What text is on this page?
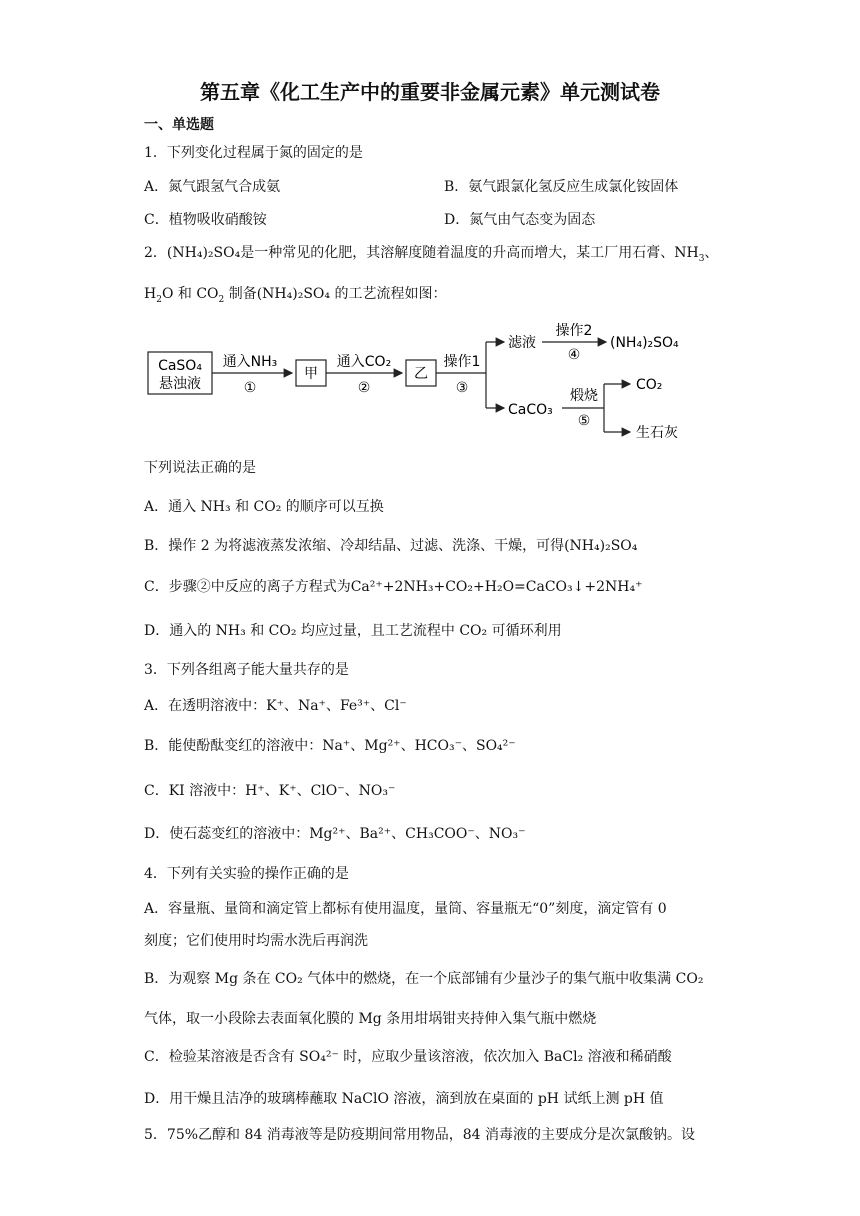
第五章《化工生产中的重要非金属元素》单元测试卷
一、单选题
1．下列变化过程属于氮的固定的是
A．氮气跟氢气合成氨	B．氨气跟氯化氢反应生成氯化铵固体
C．植物吸收硝酸铵	D．氮气由气态变为固态
2．(NH₄)₂SO₄是一种常见的化肥，其溶解度随着温度的升高而增大，某工厂用石膏、$NH_3$、
$H_2O$ 和 $CO_2$ 制备(NH₄)₂SO₄ 的工艺流程如图：
CaSO₄
悬浊液
通入NH₃
①
甲
通入CO₂
②
乙
操作1
③
滤液
操作2
④
(NH₄)₂SO₄
CaCO₃
煅烧
⑤
CO₂
生石灰
下列说法正确的是
A．通入 NH₃ 和 CO₂ 的顺序可以互换
B．操作 2 为将滤液蒸发浓缩、冷却结晶、过滤、洗涤、干燥，可得(NH₄)₂SO₄
C．步骤②中反应的离子方程式为Ca²⁺+2NH₃+CO₂+H₂O=CaCO₃↓+2NH₄⁺
D．通入的 NH₃ 和 CO₂ 均应过量，且工艺流程中 CO₂ 可循环利用
3．下列各组离子能大量共存的是
A．在透明溶液中：K⁺、Na⁺、Fe³⁺、Cl⁻
B．能使酚酞变红的溶液中：Na⁺、Mg²⁺、HCO₃⁻、SO₄²⁻
C．KI 溶液中：H⁺、K⁺、ClO⁻、NO₃⁻
D．使石蕊变红的溶液中：Mg²⁺、Ba²⁺、CH₃COO⁻、NO₃⁻
4．下列有关实验的操作正确的是
A．容量瓶、量筒和滴定管上都标有使用温度，量筒、容量瓶无“0”刻度，滴定管有 0
刻度；它们使用时均需水洗后再润洗
B．为观察 Mg 条在 CO₂ 气体中的燃烧，在一个底部铺有少量沙子的集气瓶中收集满 CO₂
气体，取一小段除去表面氧化膜的 Mg 条用坩埚钳夹持伸入集气瓶中燃烧
C．检验某溶液是否含有 SO₄²⁻ 时，应取少量该溶液，依次加入 BaCl₂ 溶液和稀硝酸
D．用干燥且洁净的玻璃棒蘸取 NaClO 溶液，滴到放在桌面的 pH 试纸上测 pH 值
5．75%乙醇和 84 消毒液等是防疫期间常用物品，84 消毒液的主要成分是次氯酸钠。设
